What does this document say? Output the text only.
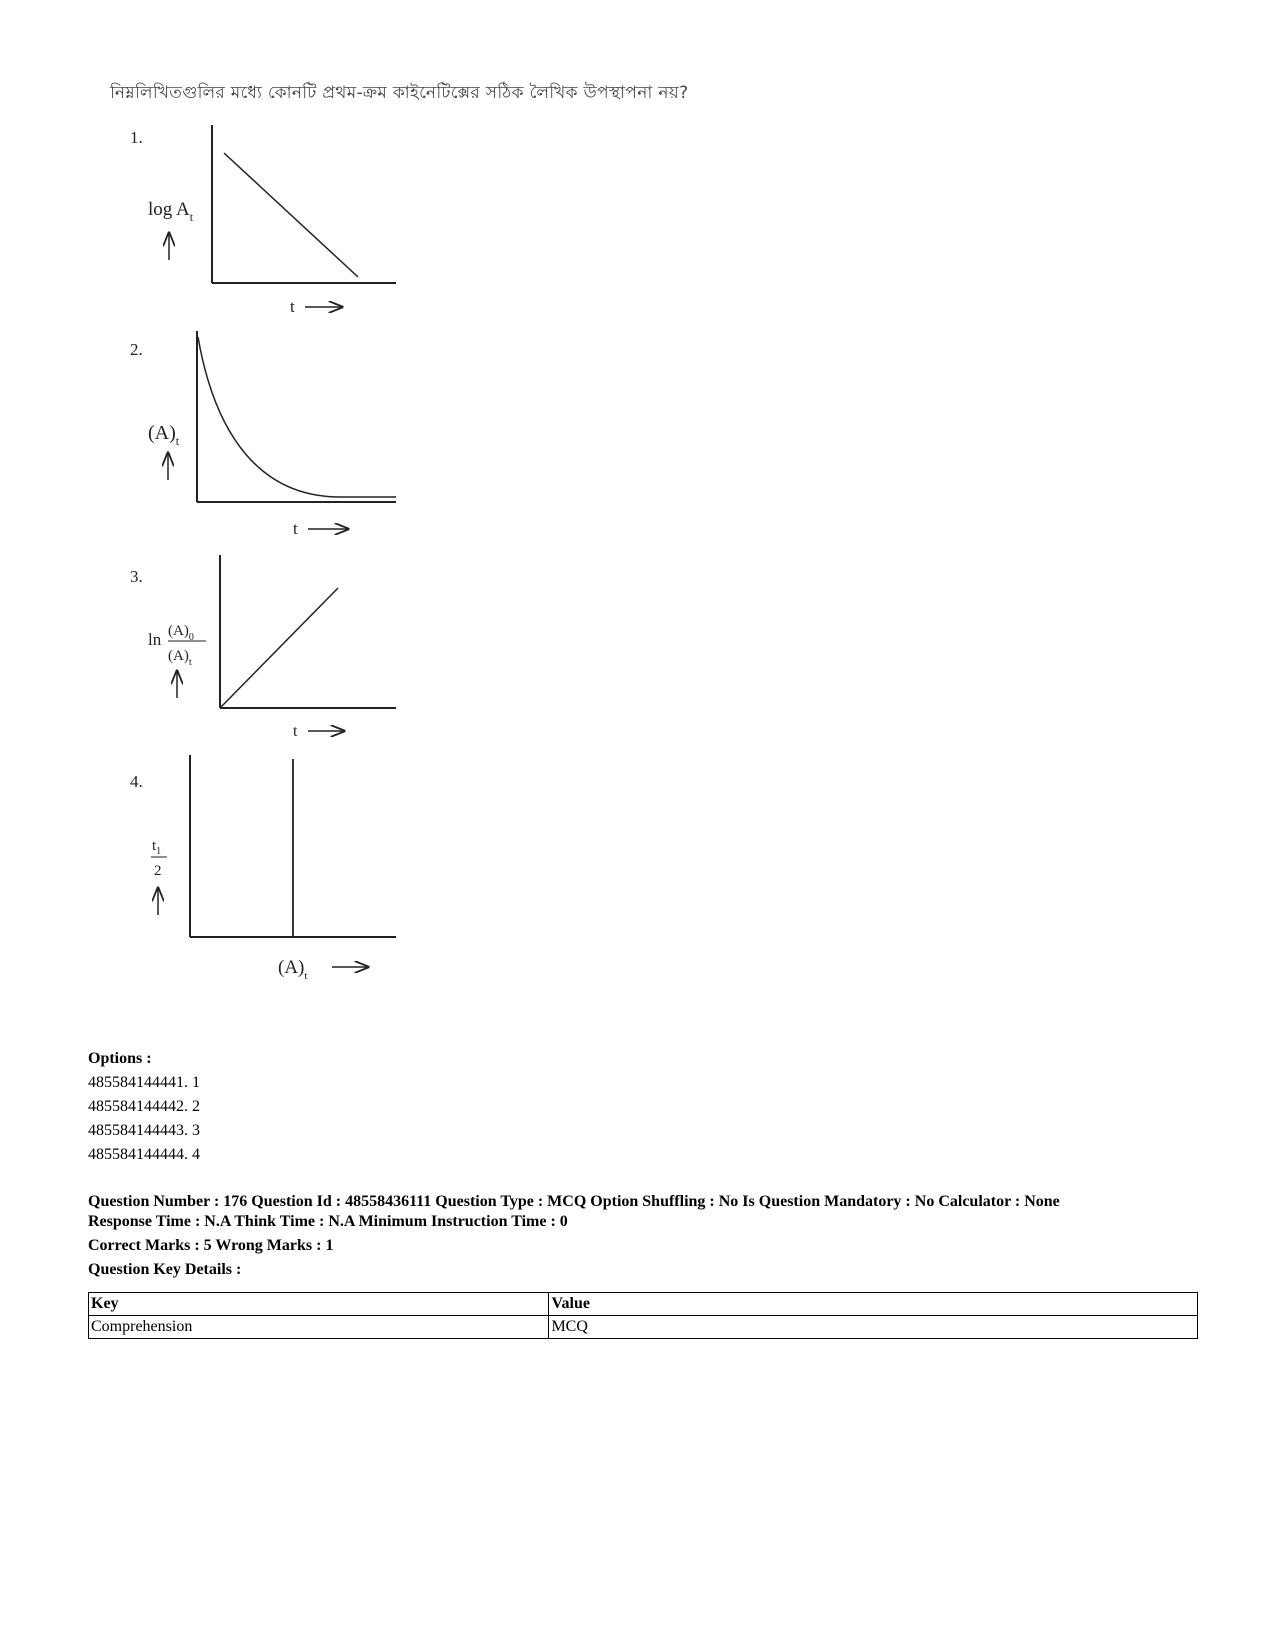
নিম্নলিখিতগুলির মধ্যে কোনটি প্রথম-ক্রম কাইনেটিক্সের সঠিক লৈখিক উপস্থাপনা নয়?
1.
$\log A_t$
t
2.
$(A)_t$
t
3.
$\ln (A)_0$
$(A)_t$
t
4.
$t_1$
2
$(A)_t$
Options :
485584144441. 1
485584144442. 2
485584144443. 3
485584144444. 4
Question Number : 176 Question Id : 48558436111 Question Type : MCQ Option Shuffling : No Is Question Mandatory : No Calculator : None
Response Time : N.A Think Time : N.A Minimum Instruction Time : 0
Correct Marks : 5 Wrong Marks : 1
Question Key Details :
Key	Value
Comprehension	MCQ
